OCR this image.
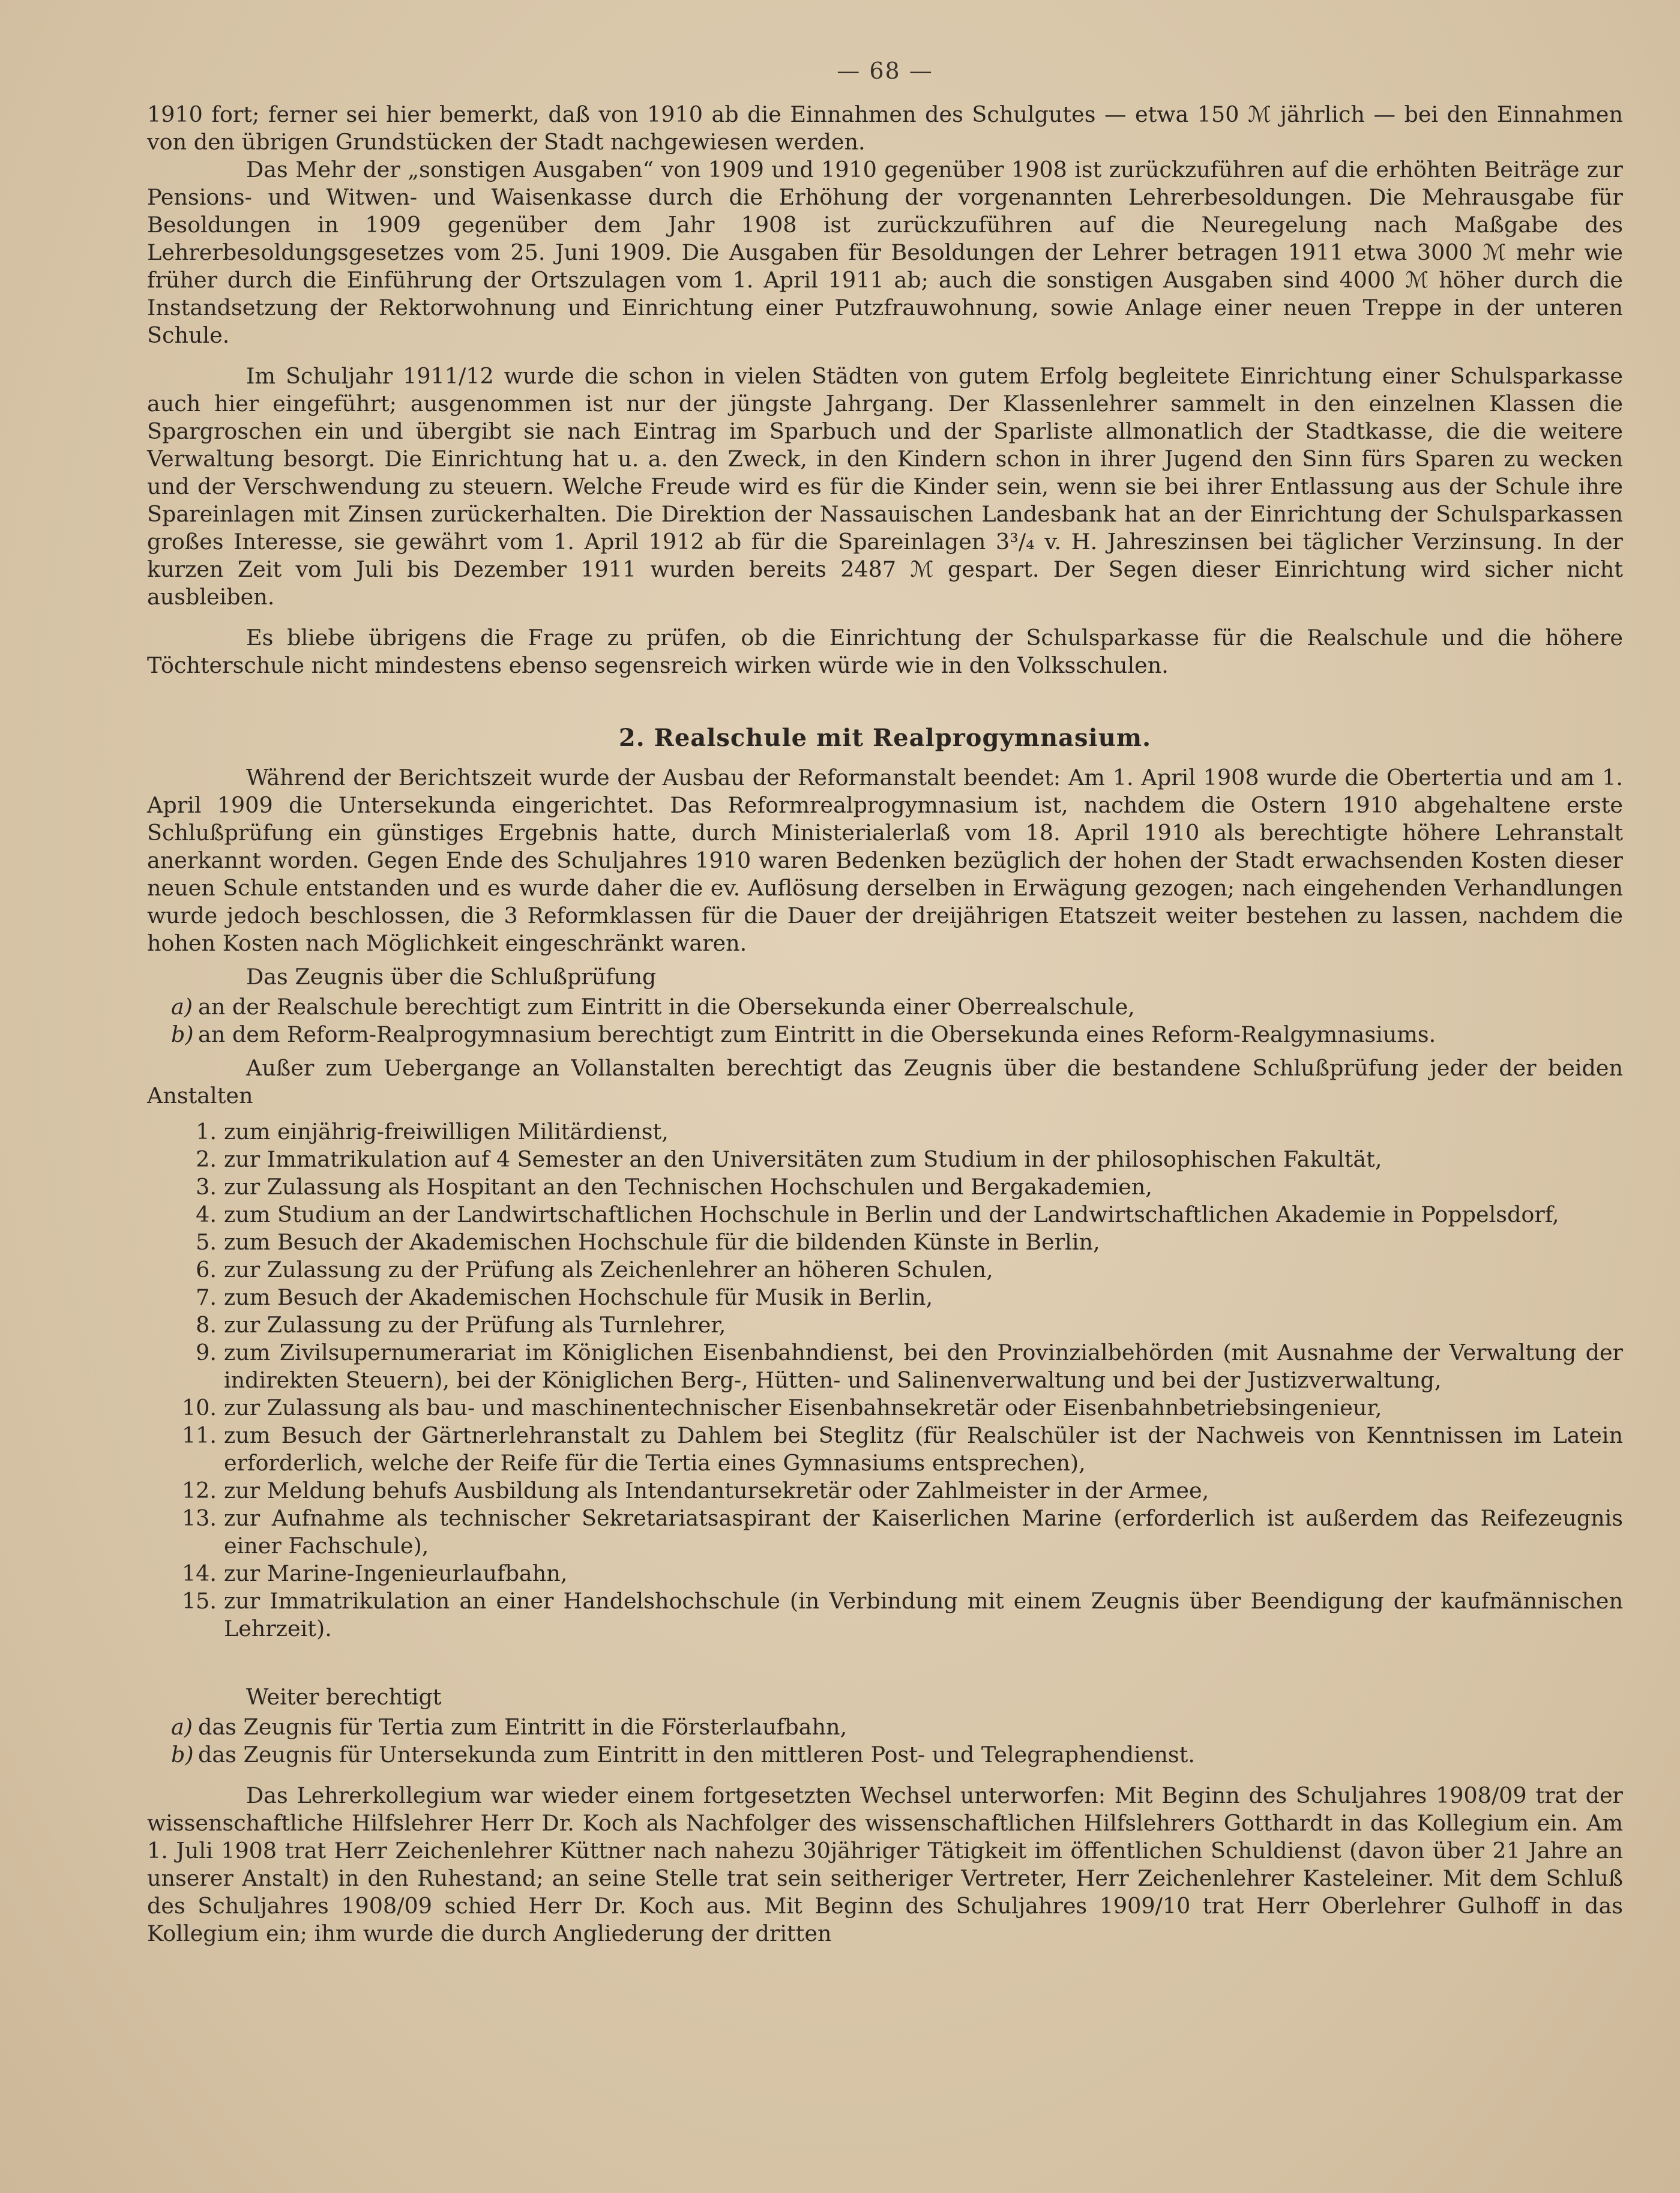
— 68 —

1910 fort; ferner sei hier bemerkt, daß von 1910 ab die Einnahmen des Schulgutes — etwa 150 ℳ jährlich — bei den Einnahmen von den übrigen Grundstücken der Stadt nachgewiesen werden.

Das Mehr der „sonstigen Ausgaben“ von 1909 und 1910 gegenüber 1908 ist zurückzuführen auf die erhöhten Beiträge zur Pensions- und Witwen- und Waisenkasse durch die Erhöhung der vorgenannten Lehrerbesoldungen. Die Mehrausgabe für Besoldungen in 1909 gegenüber dem Jahr 1908 ist zurückzuführen auf die Neuregelung nach Maßgabe des Lehrerbesoldungsgesetzes vom 25. Juni 1909. Die Ausgaben für Besoldungen der Lehrer betragen 1911 etwa 3000 ℳ mehr wie früher durch die Einführung der Ortszulagen vom 1. April 1911 ab; auch die sonstigen Ausgaben sind 4000 ℳ höher durch die Instandsetzung der Rektorwohnung und Einrichtung einer Putzfrauwohnung, sowie Anlage einer neuen Treppe in der unteren Schule.

Im Schuljahr 1911/12 wurde die schon in vielen Städten von gutem Erfolg begleitete Einrichtung einer Schulsparkasse auch hier eingeführt; ausgenommen ist nur der jüngste Jahrgang. Der Klassenlehrer sammelt in den einzelnen Klassen die Spargroschen ein und übergibt sie nach Eintrag im Sparbuch und der Sparliste allmonatlich der Stadtkasse, die die weitere Verwaltung besorgt. Die Einrichtung hat u. a. den Zweck, in den Kindern schon in ihrer Jugend den Sinn fürs Sparen zu wecken und der Verschwendung zu steuern. Welche Freude wird es für die Kinder sein, wenn sie bei ihrer Entlassung aus der Schule ihre Spareinlagen mit Zinsen zurückerhalten. Die Direktion der Nassauischen Landesbank hat an der Einrichtung der Schulsparkassen großes Interesse, sie gewährt vom 1. April 1912 ab für die Spareinlagen 3³/₄ v. H. Jahreszinsen bei täglicher Verzinsung. In der kurzen Zeit vom Juli bis Dezember 1911 wurden bereits 2487 ℳ gespart. Der Segen dieser Einrichtung wird sicher nicht ausbleiben.

Es bliebe übrigens die Frage zu prüfen, ob die Einrichtung der Schulsparkasse für die Realschule und die höhere Töchterschule nicht mindestens ebenso segensreich wirken würde wie in den Volksschulen.

2. Realschule mit Realprogymnasium.

Während der Berichtszeit wurde der Ausbau der Reformanstalt beendet: Am 1. April 1908 wurde die Obertertia und am 1. April 1909 die Untersekunda eingerichtet. Das Reformrealprogymnasium ist, nachdem die Ostern 1910 abgehaltene erste Schlußprüfung ein günstiges Ergebnis hatte, durch Ministerialerlaß vom 18. April 1910 als berechtigte höhere Lehranstalt anerkannt worden. Gegen Ende des Schuljahres 1910 waren Bedenken bezüglich der hohen der Stadt erwachsenden Kosten dieser neuen Schule entstanden und es wurde daher die ev. Auflösung derselben in Erwägung gezogen; nach eingehenden Verhandlungen wurde jedoch beschlossen, die 3 Reformklassen für die Dauer der dreijährigen Etatszeit weiter bestehen zu lassen, nachdem die hohen Kosten nach Möglichkeit eingeschränkt waren.

Das Zeugnis über die Schlußprüfung

a) an der Realschule berechtigt zum Eintritt in die Obersekunda einer Oberrealschule,
b) an dem Reform-Realprogymnasium berechtigt zum Eintritt in die Obersekunda eines Reform-Realgymnasiums.

Außer zum Uebergange an Vollanstalten berechtigt das Zeugnis über die bestandene Schlußprüfung jeder der beiden Anstalten

1. zum einjährig-freiwilligen Militärdienst,
2. zur Immatrikulation auf 4 Semester an den Universitäten zum Studium in der philosophischen Fakultät,
3. zur Zulassung als Hospitant an den Technischen Hochschulen und Bergakademien,
4. zum Studium an der Landwirtschaftlichen Hochschule in Berlin und der Landwirtschaftlichen Akademie in Poppelsdorf,
5. zum Besuch der Akademischen Hochschule für die bildenden Künste in Berlin,
6. zur Zulassung zu der Prüfung als Zeichenlehrer an höheren Schulen,
7. zum Besuch der Akademischen Hochschule für Musik in Berlin,
8. zur Zulassung zu der Prüfung als Turnlehrer,
9. zum Zivilsupernumerariat im Königlichen Eisenbahndienst, bei den Provinzialbehörden (mit Ausnahme der Verwaltung der indirekten Steuern), bei der Königlichen Berg-, Hütten- und Salinenverwaltung und bei der Justizverwaltung,
10. zur Zulassung als bau- und maschinentechnischer Eisenbahnsekretär oder Eisenbahnbetriebsingenieur,
11. zum Besuch der Gärtnerlehranstalt zu Dahlem bei Steglitz (für Realschüler ist der Nachweis von Kenntnissen im Latein erforderlich, welche der Reife für die Tertia eines Gymnasiums entsprechen),
12. zur Meldung behufs Ausbildung als Intendantursekretär oder Zahlmeister in der Armee,
13. zur Aufnahme als technischer Sekretariatsaspirant der Kaiserlichen Marine (erforderlich ist außerdem das Reifezeugnis einer Fachschule),
14. zur Marine-Ingenieurlaufbahn,
15. zur Immatrikulation an einer Handelshochschule (in Verbindung mit einem Zeugnis über Beendigung der kaufmännischen Lehrzeit).

Weiter berechtigt

a) das Zeugnis für Tertia zum Eintritt in die Försterlaufbahn,
b) das Zeugnis für Untersekunda zum Eintritt in den mittleren Post- und Telegraphendienst.

Das Lehrerkollegium war wieder einem fortgesetzten Wechsel unterworfen: Mit Beginn des Schuljahres 1908/09 trat der wissenschaftliche Hilfslehrer Herr Dr. Koch als Nachfolger des wissenschaftlichen Hilfslehrers Gotthardt in das Kollegium ein. Am 1. Juli 1908 trat Herr Zeichenlehrer Küttner nach nahezu 30jähriger Tätigkeit im öffentlichen Schuldienst (davon über 21 Jahre an unserer Anstalt) in den Ruhestand; an seine Stelle trat sein seitheriger Vertreter, Herr Zeichenlehrer Kasteleiner. Mit dem Schluß des Schuljahres 1908/09 schied Herr Dr. Koch aus. Mit Beginn des Schuljahres 1909/10 trat Herr Oberlehrer Gulhoff in das Kollegium ein; ihm wurde die durch Angliederung der dritten
